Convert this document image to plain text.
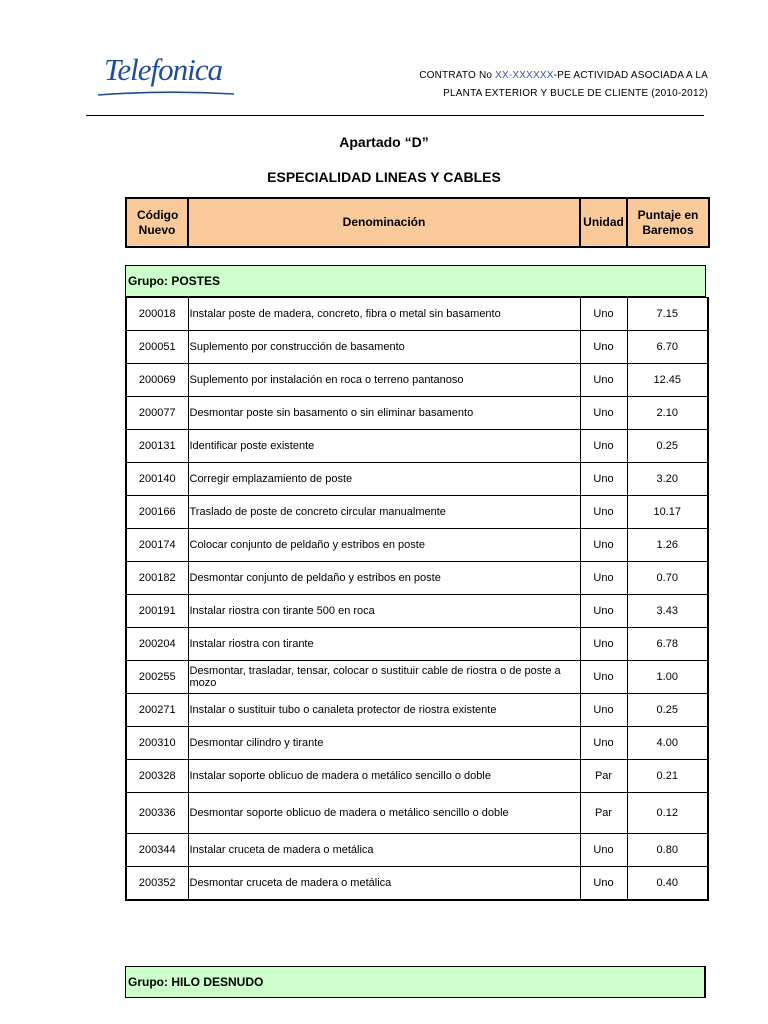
Telefonica	CONTRATO No XX-XXXXXX-PE ACTIVIDAD ASOCIADA A LA
PLANTA EXTERIOR Y BUCLE DE CLIENTE (2010-2012)
Apartado “D”
ESPECIALIDAD LINEAS Y CABLES
Código Nuevo	Denominación	Unidad	Puntaje en Baremos
Grupo: POSTES
200018	Instalar poste de madera, concreto, fibra o metal sin basamento	Uno	7.15
200051	Suplemento por construcción de basamento	Uno	6.70
200069	Suplemento por instalación en roca o terreno pantanoso	Uno	12.45
200077	Desmontar poste sin basamento o sin eliminar basamento	Uno	2.10
200131	Identificar poste existente	Uno	0.25
200140	Corregir emplazamiento de poste	Uno	3.20
200166	Traslado de poste de concreto circular manualmente	Uno	10.17
200174	Colocar conjunto de peldaño y estribos en poste	Uno	1.26
200182	Desmontar conjunto de peldaño y estribos en poste	Uno	0.70
200191	Instalar riostra con tirante 500 en roca	Uno	3.43
200204	Instalar riostra con tirante	Uno	6.78
200255	Desmontar, trasladar, tensar, colocar o sustituir cable de riostra o de poste a mozo	Uno	1.00
200271	Instalar o sustituir tubo o canaleta protector de riostra existente	Uno	0.25
200310	Desmontar cilindro y tirante	Uno	4.00
200328	Instalar soporte oblicuo de madera o metálico sencillo o doble	Par	0.21
200336	Desmontar soporte oblicuo de madera o metálico sencillo o doble	Par	0.12
200344	Instalar cruceta de madera o metálica	Uno	0.80
200352	Desmontar cruceta de madera o metálica	Uno	0.40
Grupo: HILO DESNUDO
